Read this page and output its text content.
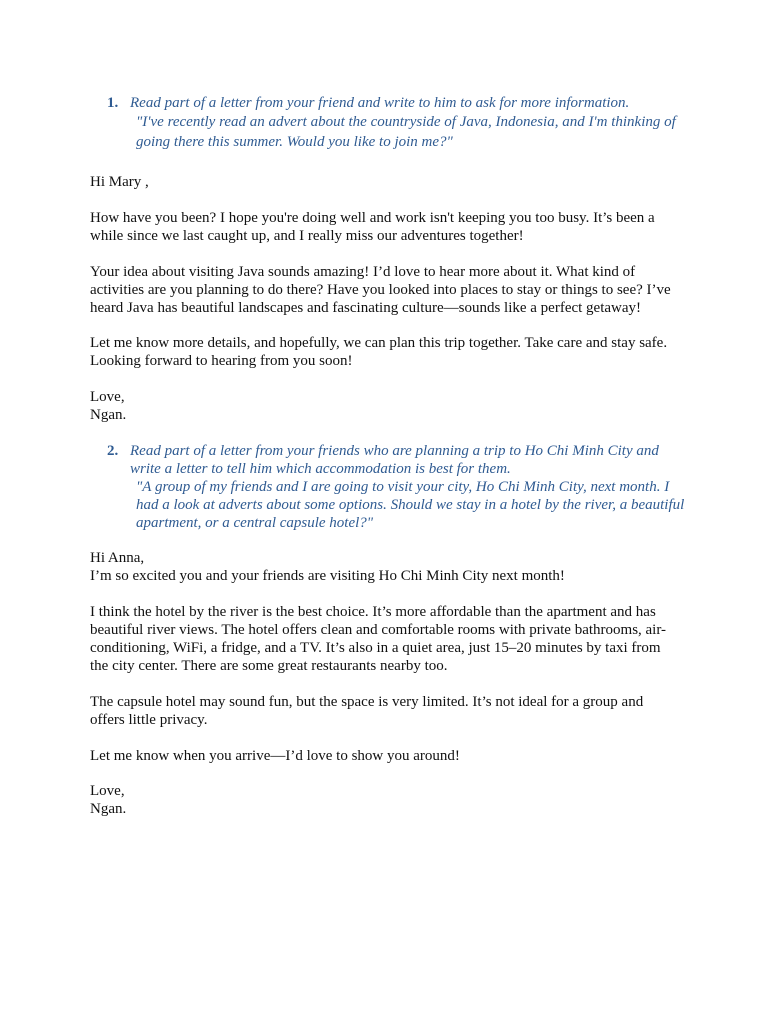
1. Read part of a letter from your friend and write to him to ask for more information.
"I've recently read an advert about the countryside of Java, Indonesia, and I'm thinking of going there this summer. Would you like to join me?"

Hi Mary ,

How have you been? I hope you're doing well and work isn't keeping you too busy. It’s been a while since we last caught up, and I really miss our adventures together!

Your idea about visiting Java sounds amazing! I’d love to hear more about it. What kind of activities are you planning to do there? Have you looked into places to stay or things to see? I’ve heard Java has beautiful landscapes and fascinating culture—sounds like a perfect getaway!

Let me know more details, and hopefully, we can plan this trip together. Take care and stay safe. Looking forward to hearing from you soon!

Love,

Ngan.

2. Read part of a letter from your friends who are planning a trip to Ho Chi Minh City and write a letter to tell him which accommodation is best for them.
"A group of my friends and I are going to visit your city, Ho Chi Minh City, next month. I had a look at adverts about some options. Should we stay in a hotel by the river, a beautiful apartment, or a central capsule hotel?"

Hi Anna,

I’m so excited you and your friends are visiting Ho Chi Minh City next month!

I think the hotel by the river is the best choice. It’s more affordable than the apartment and has beautiful river views. The hotel offers clean and comfortable rooms with private bathrooms, air-conditioning, WiFi, a fridge, and a TV. It’s also in a quiet area, just 15–20 minutes by taxi from the city center. There are some great restaurants nearby too.

The capsule hotel may sound fun, but the space is very limited. It’s not ideal for a group and offers little privacy.

Let me know when you arrive—I’d love to show you around!

Love,

Ngan.
